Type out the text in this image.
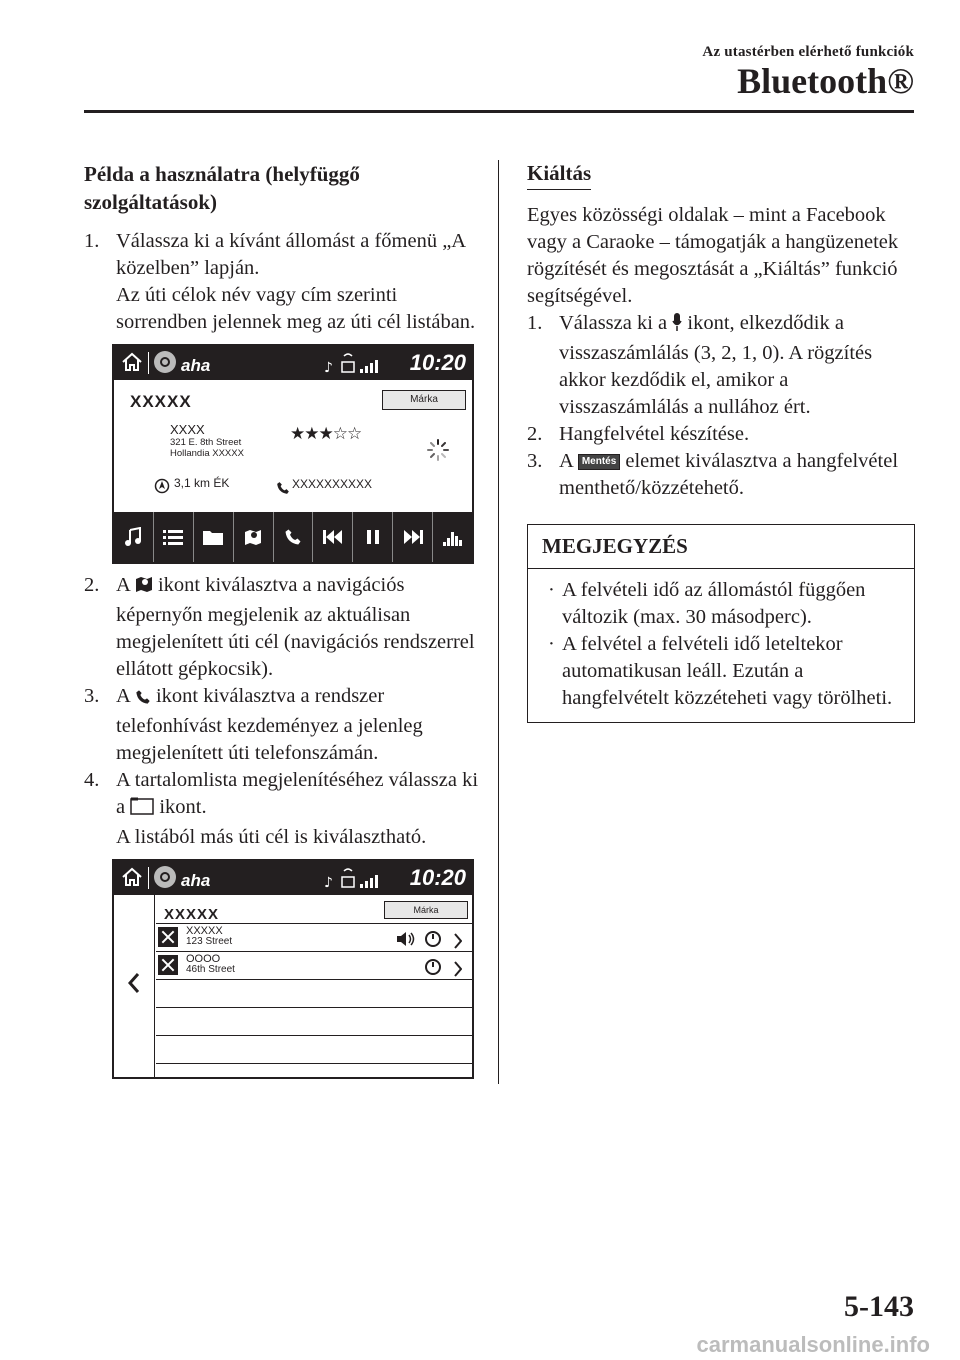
Az utastérben elérhető funkciók
Bluetooth®

Példa a használatra (helyfüggő szolgáltatások)

1. Válassza ki a kívánt állomást a főmenü „A közelben” lapján.

Az úti célok név vagy cím szerinti sorrendben jelennek meg az úti cél listában.

aha	♪	10:20
XXXXX	Márka
XXXX
321 E. 8th Street
Hollandia XXXXX
★★★☆☆
3,1 km ÉK	XXXXXXXXXX
2. A ikont kiválasztva a navigációs képernyőn megjelenik az aktuálisan megjelenített úti cél (navigációs rendszerrel ellátott gépkocsik).
3. A ikont kiválasztva a rendszer telefonhívást kezdeményez a jelenleg megjelenített úti telefonszámán.
4. A tartalomlista megjelenítéséhez válassza ki a ikont.

A listából más úti cél is kiválasztható.

aha	♪	10:20
XXXXX	Márka
XXXXX
123 Street
OOOO
46th Street
Kiáltás

Egyes közösségi oldalak – mint a Facebook vagy a Caraoke – támogatják a hangüzenetek rögzítését és megosztását a „Kiáltás” funkció segítségével.

1. Válassza ki a ikont, elkezdődik a visszaszámlálás (3, 2, 1, 0). A rögzítés akkor kezdődik el, amikor a visszaszámlálás a nullához ért.
2. Hangfelvétel készítése.
3. A Mentés elemet kiválasztva a hangfelvétel menthető/közzétehető.
MEGJEGYZÉS

· A felvételi idő az állomástól függően változik (max. 30 másodperc).

· A felvétel a felvételi idő leteltekor automatikusan leáll. Ezután a hangfelvételt közzéteheti vagy törölheti.

5-143
carmanualsonline.info
